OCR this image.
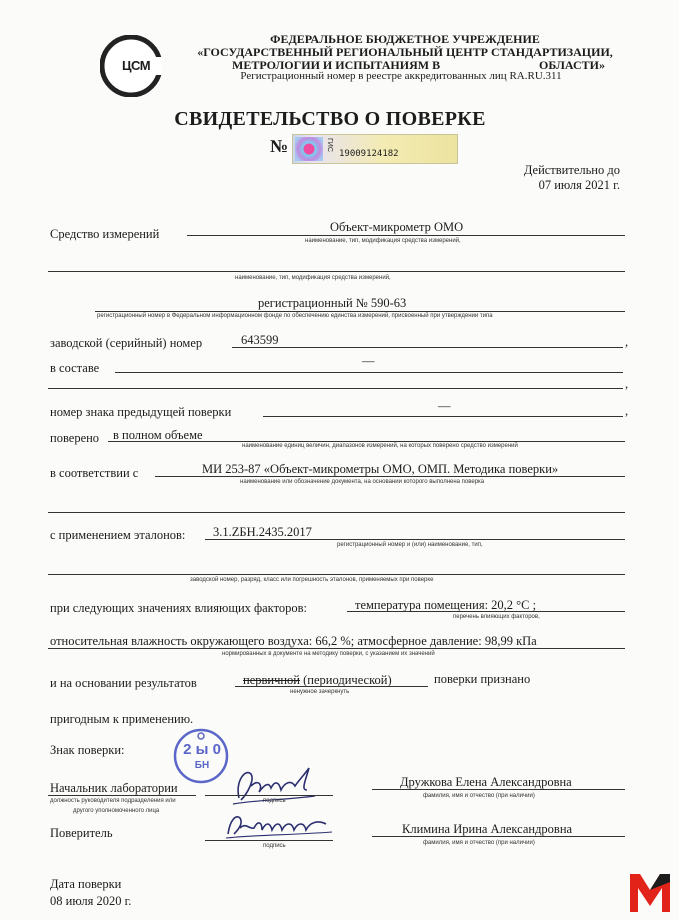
ЦСМ
ФЕДЕРАЛЬНОЕ БЮДЖЕТНОЕ УЧРЕЖДЕНИЕ
«ГОСУДАРСТВЕННЫЙ РЕГИОНАЛЬНЫЙ ЦЕНТР СТАНДАРТИЗАЦИИ,
МЕТРОЛОГИИ И ИСПЫТАНИЯМ В	ОБЛАСТИ»
Регистрационный номер в реестре аккредитованных лиц RA.RU.311
СВИДЕТЕЛЬСТВО О ПОВЕРКЕ
№	ГИС
19009124182
Действительно до
07 июля 2021 г.
Средство измерений	Объект-микрометр ОМО
наименование, тип, модификация средства измерений,
наименование, тип, модификация средства измерений,
регистрационный № 590-63
регистрационный номер в Федеральном информационном фонде по обеспечению единства измерений, присвоенный при утверждении типа
заводской (серийный) номер	643599	,
в составе	—
,
номер знака предыдущей поверки	—	,
поверено в полном объеме
наименование единиц величин, диапазонов измерений, на которых поверено средство измерений
в соответствии с	МИ 253-87 «Объект-микрометры ОМО, ОМП. Методика поверки»
наименование или обозначение документа, на основании которого выполнена поверка
с применением эталонов: 3.1.ZБН.2435.2017
регистрационный номер и (или) наименование, тип,
заводской номер, разряд, класс или погрешность эталонов, применяемых при поверке
при следующих значениях влияющих факторов:	температура помещения: 20,2 °С ;
перечень влияющих факторов,
относительная влажность окружающего воздуха: 66,2 %; атмосферное давление: 98,99 кПа
нормированных в документе на методику поверки, с указанием их значений
и на основании результатов	первичной (периодической)	поверки признано
ненужное зачеркнуть
пригодным к применению.
Знак поверки:	2 ы 0
БН
Начальник лаборатории
должность руководителя подразделения или
другого уполномоченного лица
подпись
Дружкова Елена Александровна
фамилия, имя и отчество (при наличии)
Поверитель
подпись
Климина Ирина Александровна
фамилия, имя и отчество (при наличии)
Дата поверки
08 июля 2020 г.
